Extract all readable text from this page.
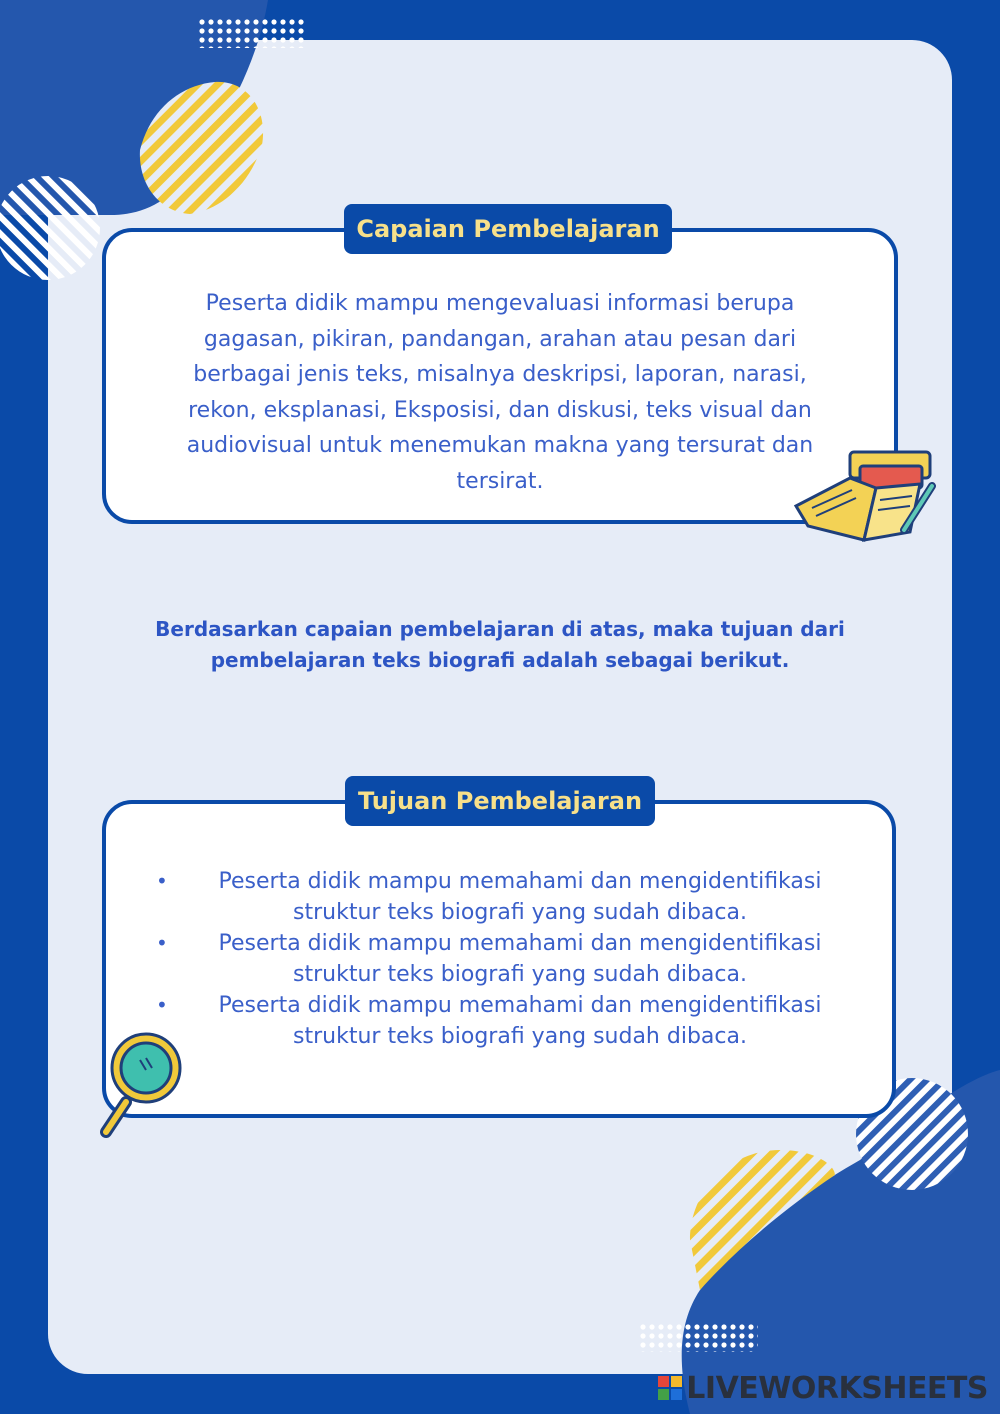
Capaian Pembelajaran
Peserta didik mampu mengevaluasi informasi berupa
gagasan, pikiran, pandangan, arahan atau pesan dari
berbagai jenis teks, misalnya deskripsi, laporan, narasi,
rekon, eksplanasi, Eksposisi, dan diskusi, teks visual dan
audiovisual untuk menemukan makna yang tersurat dan
tersirat.
Berdasarkan capaian pembelajaran di atas, maka tujuan dari
pembelajaran teks biografi adalah sebagai berikut.
Tujuan Pembelajaran
•	Peserta didik mampu memahami dan mengidentifikasi
struktur teks biografi yang sudah dibaca.
•	Peserta didik mampu memahami dan mengidentifikasi
struktur teks biografi yang sudah dibaca.
•	Peserta didik mampu memahami dan mengidentifikasi
struktur teks biografi yang sudah dibaca.
LIVEWORKSHEETS
